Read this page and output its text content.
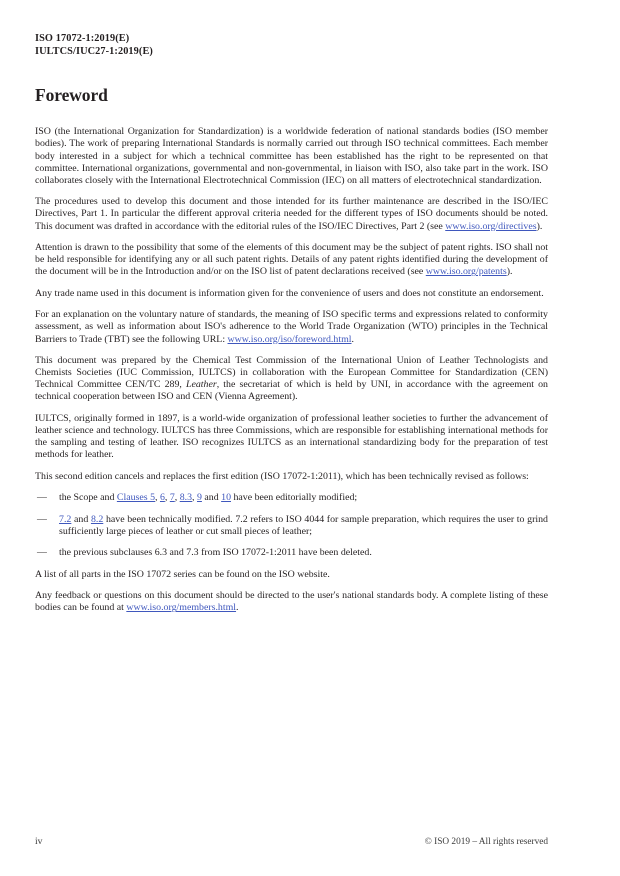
ISO 17072-1:2019(E)
IULTCS/IUC27-1:2019(E)
Foreword

ISO (the International Organization for Standardization) is a worldwide federation of national standards bodies (ISO member bodies). The work of preparing International Standards is normally carried out through ISO technical committees. Each member body interested in a subject for which a technical committee has been established has the right to be represented on that committee. International organizations, governmental and non-governmental, in liaison with ISO, also take part in the work. ISO collaborates closely with the International Electrotechnical Commission (IEC) on all matters of electrotechnical standardization.

The procedures used to develop this document and those intended for its further maintenance are described in the ISO/IEC Directives, Part 1. In particular the different approval criteria needed for the different types of ISO documents should be noted. This document was drafted in accordance with the editorial rules of the ISO/IEC Directives, Part 2 (see www.iso.org/directives).

Attention is drawn to the possibility that some of the elements of this document may be the subject of patent rights. ISO shall not be held responsible for identifying any or all such patent rights. Details of any patent rights identified during the development of the document will be in the Introduction and/or on the ISO list of patent declarations received (see www.iso.org/patents).

Any trade name used in this document is information given for the convenience of users and does not constitute an endorsement.

For an explanation on the voluntary nature of standards, the meaning of ISO specific terms and expressions related to conformity assessment, as well as information about ISO's adherence to the World Trade Organization (WTO) principles in the Technical Barriers to Trade (TBT) see the following URL: www.iso.org/iso/foreword.html.

This document was prepared by the Chemical Test Commission of the International Union of Leather Technologists and Chemists Societies (IUC Commission, IULTCS) in collaboration with the European Committee for Standardization (CEN) Technical Committee CEN/TC 289, Leather, the secretariat of which is held by UNI, in accordance with the agreement on technical cooperation between ISO and CEN (Vienna Agreement).

IULTCS, originally formed in 1897, is a world-wide organization of professional leather societies to further the advancement of leather science and technology. IULTCS has three Commissions, which are responsible for establishing international methods for the sampling and testing of leather. ISO recognizes IULTCS as an international standardizing body for the preparation of test methods for leather.

This second edition cancels and replaces the first edition (ISO 17072-1:2011), which has been technically revised as follows:

—	the Scope and Clauses 5, 6, 7, 8.3, 9 and 10 have been editorially modified;
—	7.2 and 8.2 have been technically modified. 7.2 refers to ISO 4044 for sample preparation, which requires the user to grind sufficiently large pieces of leather or cut small pieces of leather;
—	the previous subclauses 6.3 and 7.3 from ISO 17072-1:2011 have been deleted.

A list of all parts in the ISO 17072 series can be found on the ISO website.

Any feedback or questions on this document should be directed to the user's national standards body. A complete listing of these bodies can be found at www.iso.org/members.html.

iv	© ISO 2019 – All rights reserved
